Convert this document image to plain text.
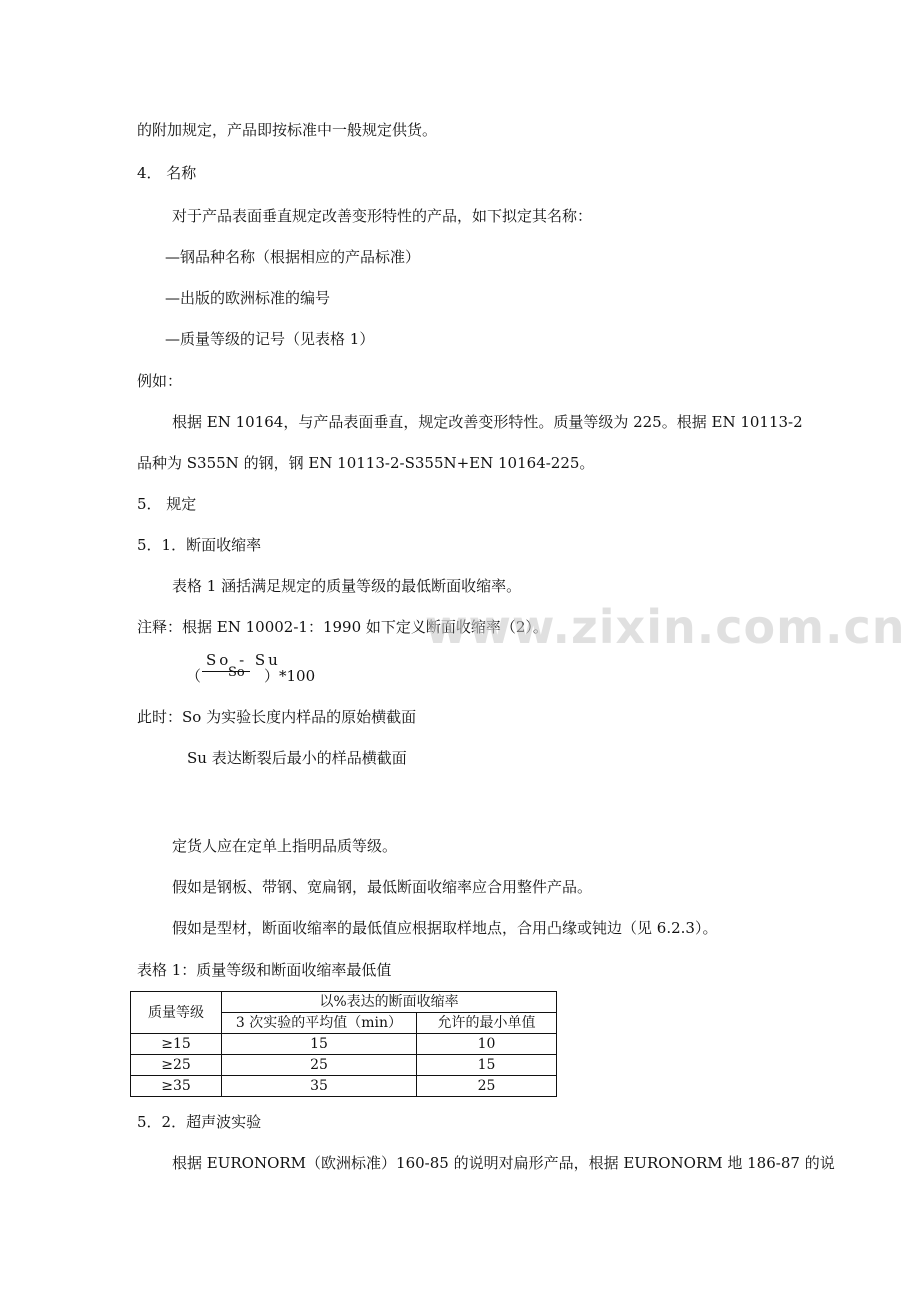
的附加规定，产品即按标准中一般规定供货。
4． 名称
对于产品表面垂直规定改善变形特性的产品，如下拟定其名称：
—钢品种名称（根据相应的产品标准）
—出版的欧洲标准的编号
—质量等级的记号（见表格 1）
例如：
根据 EN 10164，与产品表面垂直，规定改善变形特性。质量等级为 225。根据 EN 10113-2
品种为 S355N 的钢，钢 EN 10113-2-S355N+EN 10164-225。
5． 规定
5．1．断面收缩率
表格 1 涵括满足规定的质量等级的最低断面收缩率。
注释：根据 EN 10002-1：1990 如下定义断面收缩率（2）。
www.zixin.com.cn
（
So - Su
So ）*100
此时：So 为实验长度内样品的原始横截面
Su 表达断裂后最小的样品横截面
定货人应在定单上指明品质等级。
假如是钢板、带钢、宽扁钢，最低断面收缩率应合用整件产品。
假如是型材，断面收缩率的最低值应根据取样地点，合用凸缘或钝边（见 6.2.3）。
表格 1：质量等级和断面收缩率最低值
质量等级	以%表达的断面收缩率	
	3 次实验的平均值（min）	允许的最小单值
≥15	15	10
≥25	25	15
≥35	35	25
5．2．超声波实验
根据 EURONORM（欧洲标准）160-85 的说明对扁形产品，根据 EURONORM 地 186-87 的说
